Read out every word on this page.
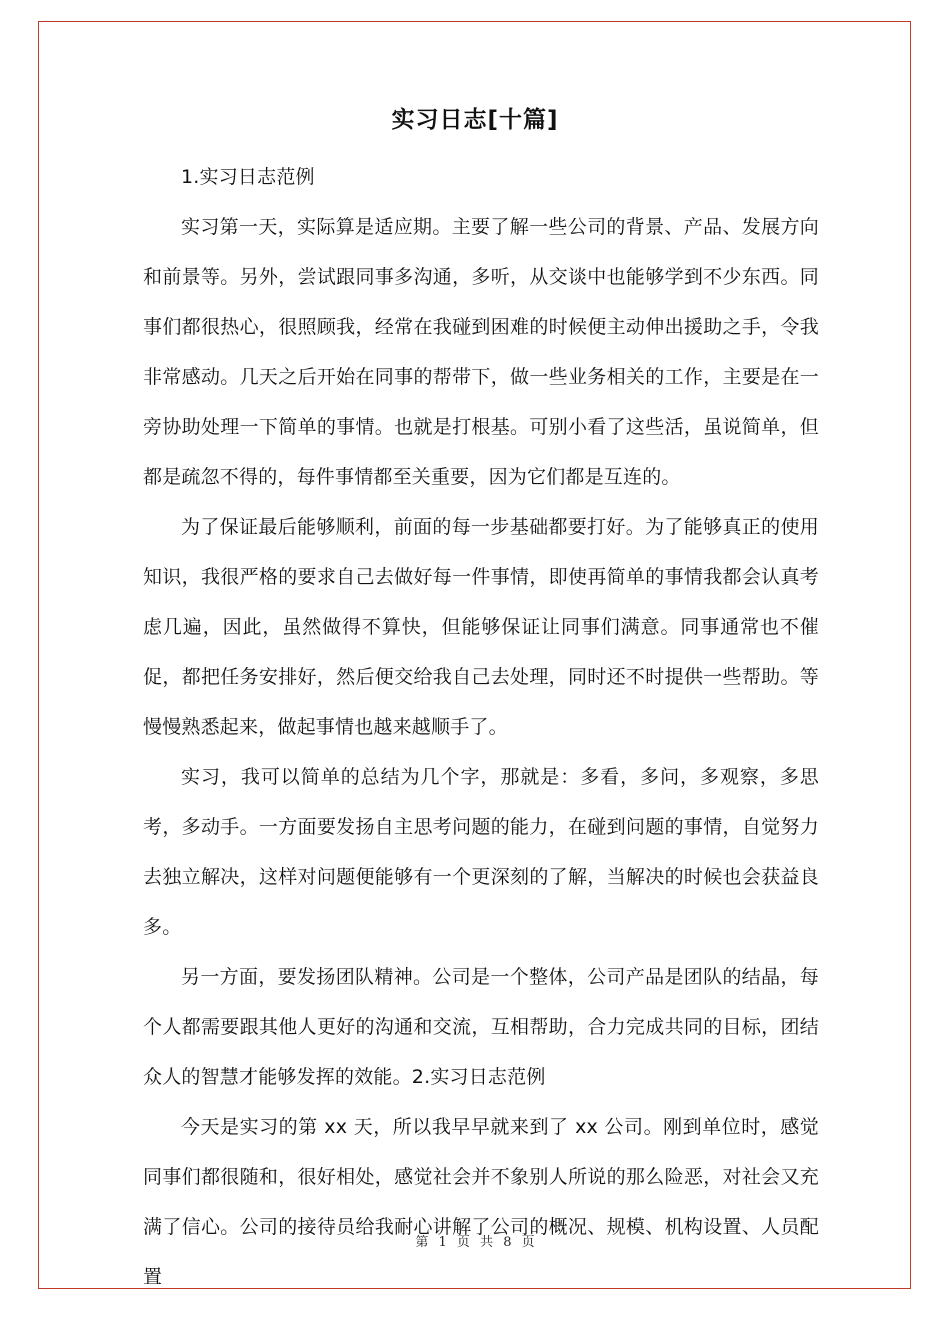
实习日志[十篇]

1.实习日志范例

实习第一天，实际算是适应期。主要了解一些公司的背景、产品、发展方向和前景等。另外，尝试跟同事多沟通，多听，从交谈中也能够学到不少东西。同事们都很热心，很照顾我，经常在我碰到困难的时候便主动伸出援助之手，令我非常感动。几天之后开始在同事的帮带下，做一些业务相关的工作，主要是在一旁协助处理一下简单的事情。也就是打根基。可别小看了这些活，虽说简单，但都是疏忽不得的，每件事情都至关重要，因为它们都是互连的。

为了保证最后能够顺利，前面的每一步基础都要打好。为了能够真正的使用知识，我很严格的要求自己去做好每一件事情，即使再简单的事情我都会认真考虑几遍，因此，虽然做得不算快，但能够保证让同事们满意。同事通常也不催促，都把任务安排好，然后便交给我自己去处理，同时还不时提供一些帮助。等慢慢熟悉起来，做起事情也越来越顺手了。

实习，我可以简单的总结为几个字，那就是：多看，多问，多观察，多思考，多动手。一方面要发扬自主思考问题的能力，在碰到问题的事情，自觉努力去独立解决，这样对问题便能够有一个更深刻的了解，当解决的时候也会获益良多。

另一方面，要发扬团队精神。公司是一个整体，公司产品是团队的结晶，每个人都需要跟其他人更好的沟通和交流，互相帮助，合力完成共同的目标，团结众人的智慧才能够发挥的效能。2.实习日志范例

今天是实习的第 xx 天，所以我早早就来到了 xx 公司。刚到单位时，感觉同事们都很随和，很好相处，感觉社会并不象别人所说的那么险恶，对社会又充满了信心。公司的接待员给我耐心讲解了公司的概况、规模、机构设置、人员配置

第 1 页 共 8 页
